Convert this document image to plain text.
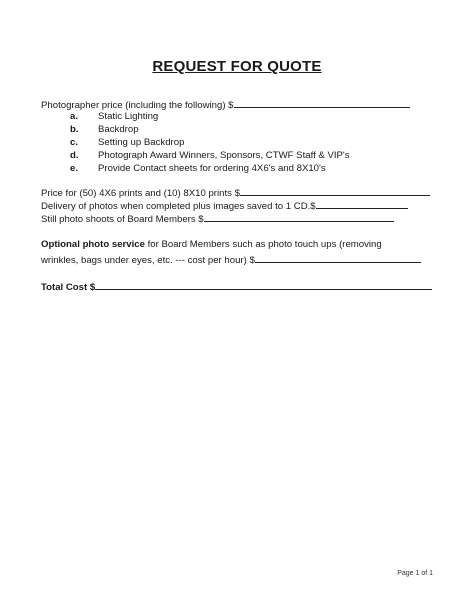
REQUEST FOR QUOTE
Photographer price (including the following) $
a. Static Lighting
b. Backdrop
c. Setting up Backdrop
d. Photograph Award Winners, Sponsors, CTWF Staff & VIP's
e. Provide Contact sheets for ordering 4X6's and 8X10's
Price for (50) 4X6 prints and (10) 8X10 prints $
Delivery of photos when completed plus images saved to 1 CD.$
Still photo shoots of Board Members $
Optional photo service for Board Members such as photo touch ups (removing
wrinkles, bags under eyes, etc. --- cost per hour) $
Total Cost $
Page 1 of 1
